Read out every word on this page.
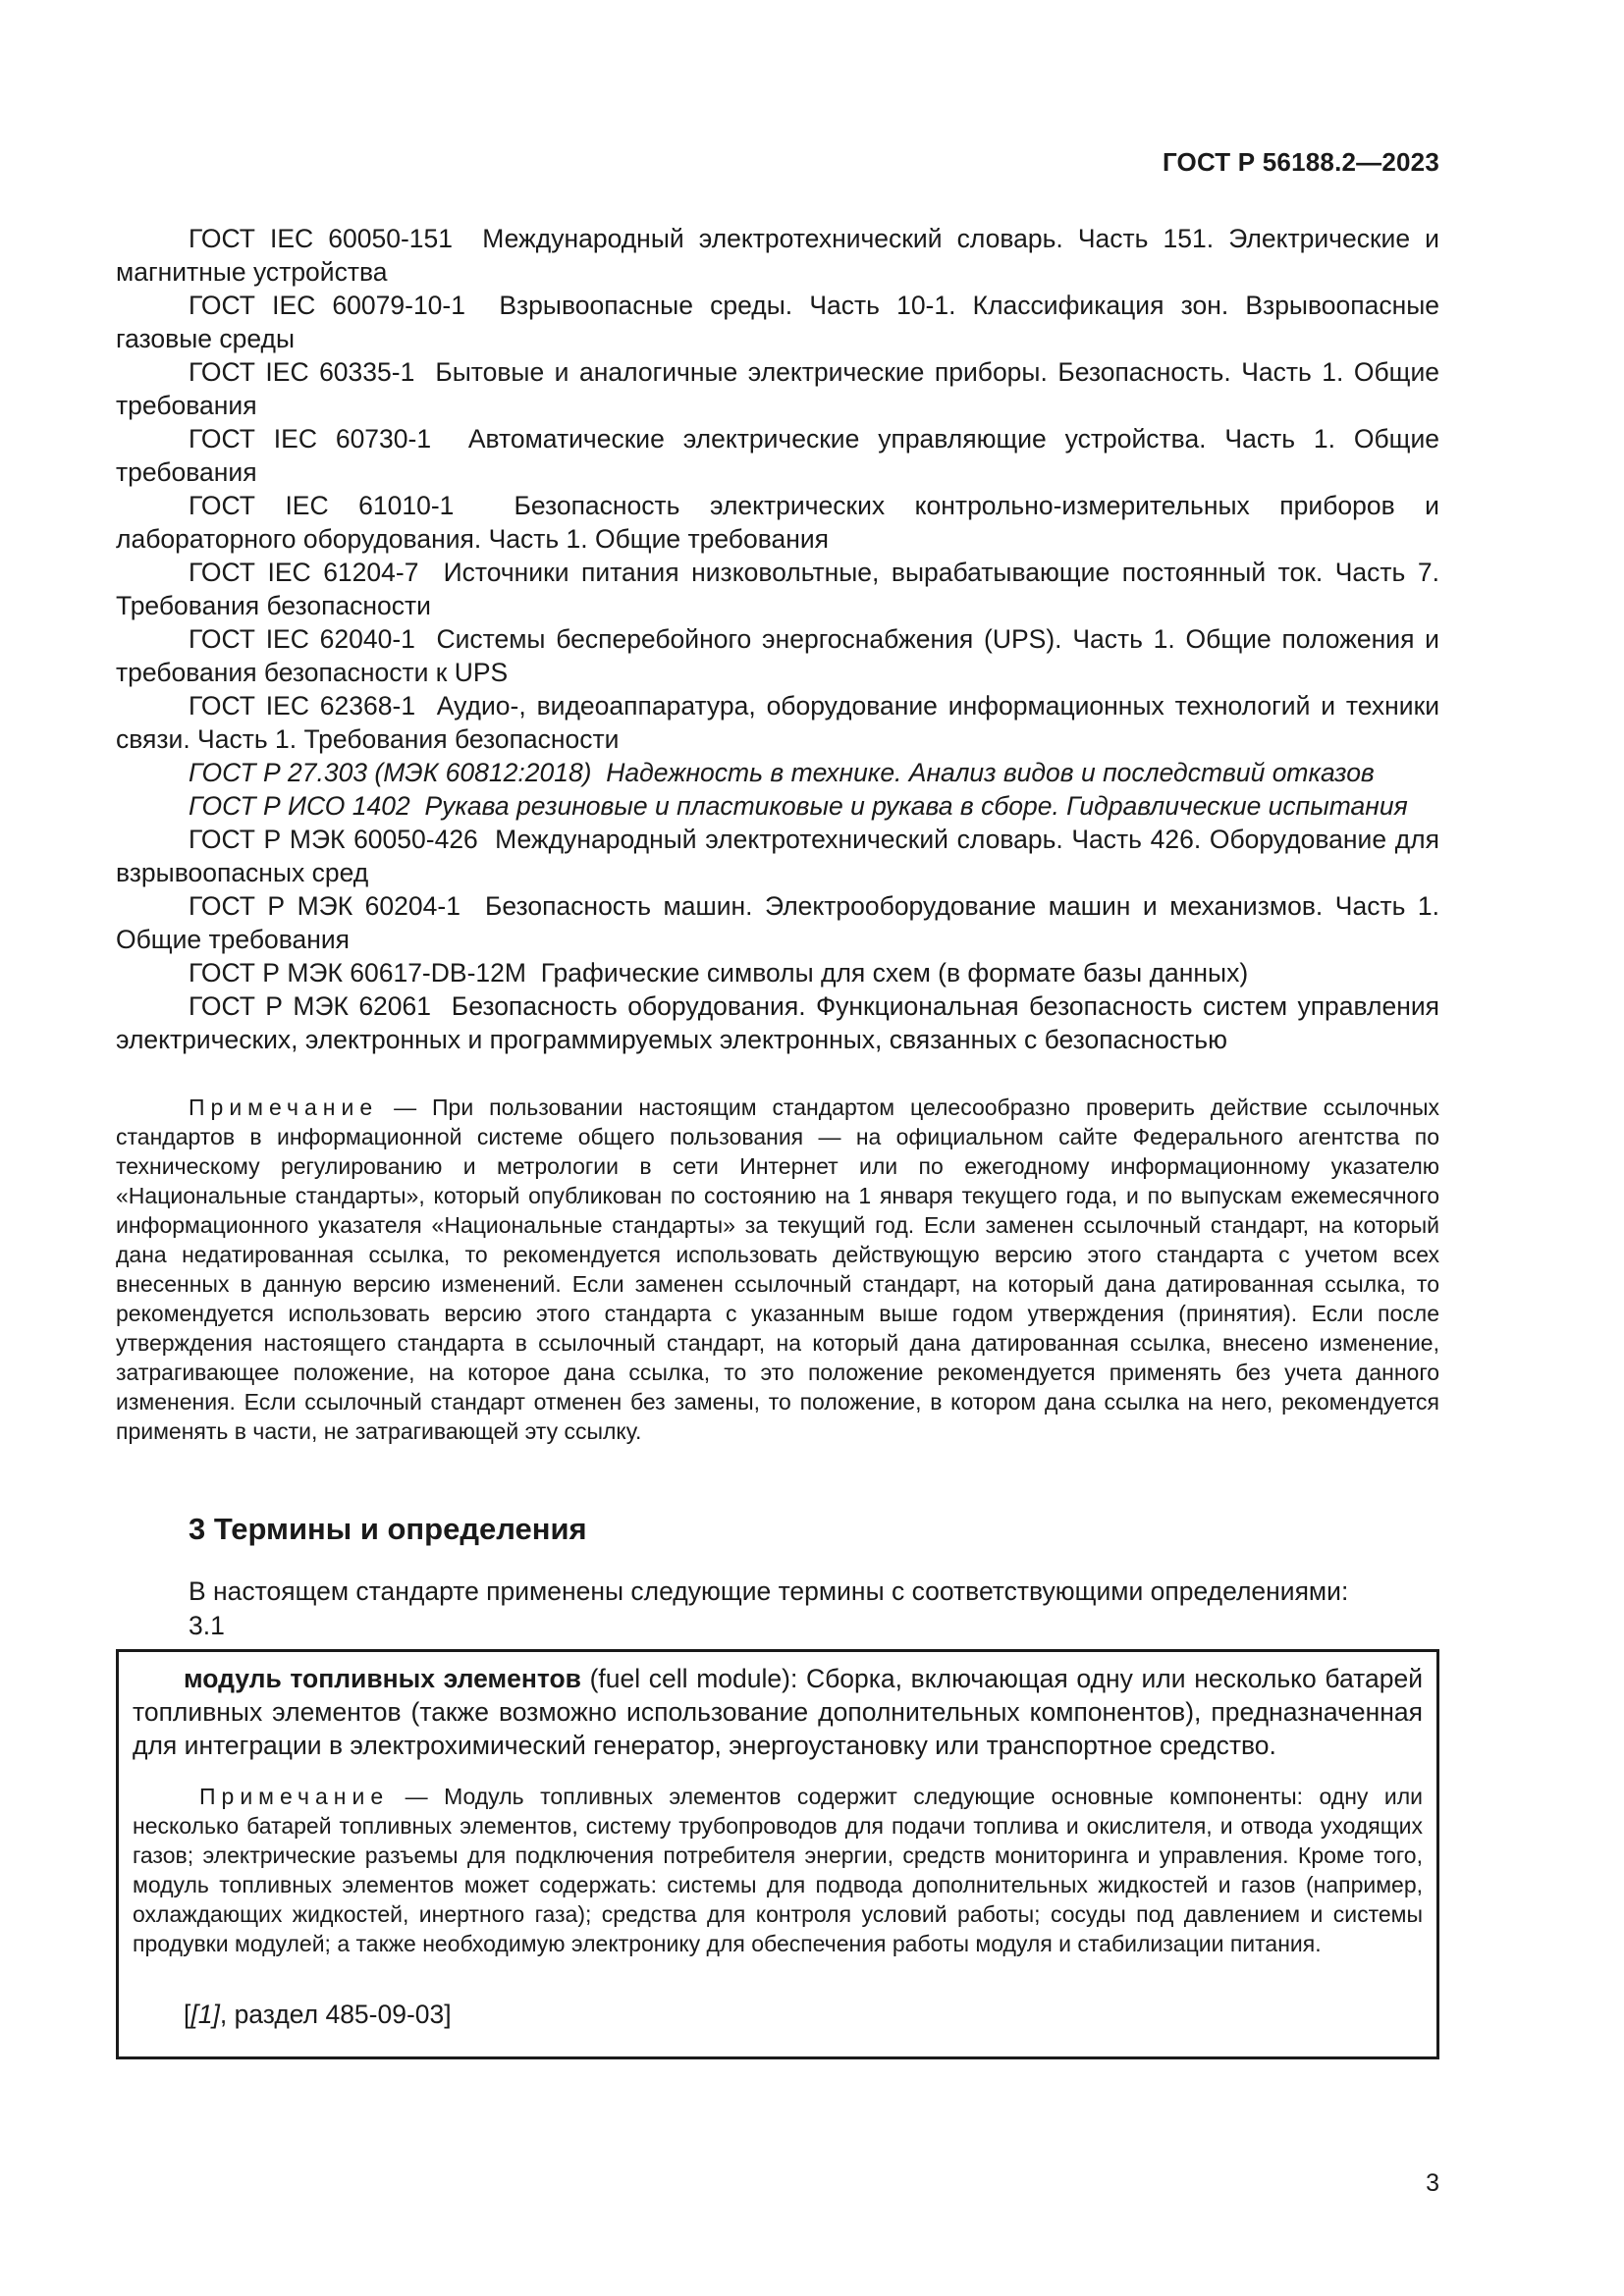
ГОСТ Р 56188.2—2023

ГОСТ IEC 60050-151 Международный электротехнический словарь. Часть 151. Электрические и магнитные устройства

ГОСТ IEC 60079-10-1 Взрывоопасные среды. Часть 10-1. Классификация зон. Взрывоопасные газовые среды

ГОСТ IEC 60335-1 Бытовые и аналогичные электрические приборы. Безопасность. Часть 1. Общие требования

ГОСТ IEC 60730-1 Автоматические электрические управляющие устройства. Часть 1. Общие требования

ГОСТ IEC 61010-1 Безопасность электрических контрольно-измерительных приборов и лабораторного оборудования. Часть 1. Общие требования

ГОСТ IEC 61204-7 Источники питания низковольтные, вырабатывающие постоянный ток. Часть 7. Требования безопасности

ГОСТ IEC 62040-1 Системы бесперебойного энергоснабжения (UPS). Часть 1. Общие положения и требования безопасности к UPS

ГОСТ IEC 62368-1 Аудио-, видеоаппаратура, оборудование информационных технологий и техники связи. Часть 1. Требования безопасности

ГОСТ Р 27.303 (МЭК 60812:2018) Надежность в технике. Анализ видов и последствий отказов

ГОСТ Р ИСО 1402 Рукава резиновые и пластиковые и рукава в сборе. Гидравлические испытания

ГОСТ Р МЭК 60050-426 Международный электротехнический словарь. Часть 426. Оборудование для взрывоопасных сред

ГОСТ Р МЭК 60204-1 Безопасность машин. Электрооборудование машин и механизмов. Часть 1. Общие требования

ГОСТ Р МЭК 60617-DB-12M Графические символы для схем (в формате базы данных)

ГОСТ Р МЭК 62061 Безопасность оборудования. Функциональная безопасность систем управления электрических, электронных и программируемых электронных, связанных с безопасностью

Примечание — При пользовании настоящим стандартом целесообразно проверить действие ссылочных стандартов в информационной системе общего пользования — на официальном сайте Федерального агентства по техническому регулированию и метрологии в сети Интернет или по ежегодному информационному указателю «Национальные стандарты», который опубликован по состоянию на 1 января текущего года, и по выпускам ежемесячного информационного указателя «Национальные стандарты» за текущий год. Если заменен ссылочный стандарт, на который дана недатированная ссылка, то рекомендуется использовать действующую версию этого стандарта с учетом всех внесенных в данную версию изменений. Если заменен ссылочный стандарт, на который дана датированная ссылка, то рекомендуется использовать версию этого стандарта с указанным выше годом утверждения (принятия). Если после утверждения настоящего стандарта в ссылочный стандарт, на который дана датированная ссылка, внесено изменение, затрагивающее положение, на которое дана ссылка, то это положение рекомендуется применять без учета данного изменения. Если ссылочный стандарт отменен без замены, то положение, в котором дана ссылка на него, рекомендуется применять в части, не затрагивающей эту ссылку.
3 Термины и определения
В настоящем стандарте применены следующие термины с соответствующими определениями:
3.1
модуль топливных элементов (fuel cell module): Сборка, включающая одну или несколько батарей топливных элементов (также возможно использование дополнительных компонентов), предназначенная для интеграции в электрохимический генератор, энергоустановку или транспортное средство.
Примечание — Модуль топливных элементов содержит следующие основные компоненты: одну или несколько батарей топливных элементов, систему трубопроводов для подачи топлива и окислителя, и отвода уходящих газов; электрические разъемы для подключения потребителя энергии, средств мониторинга и управления. Кроме того, модуль топливных элементов может содержать: системы для подвода дополнительных жидкостей и газов (например, охлаждающих жидкостей, инертного газа); средства для контроля условий работы; сосуды под давлением и системы продувки модулей; а также необходимую электронику для обеспечения работы модуля и стабилизации питания.
[[1], раздел 485-09-03]
3
